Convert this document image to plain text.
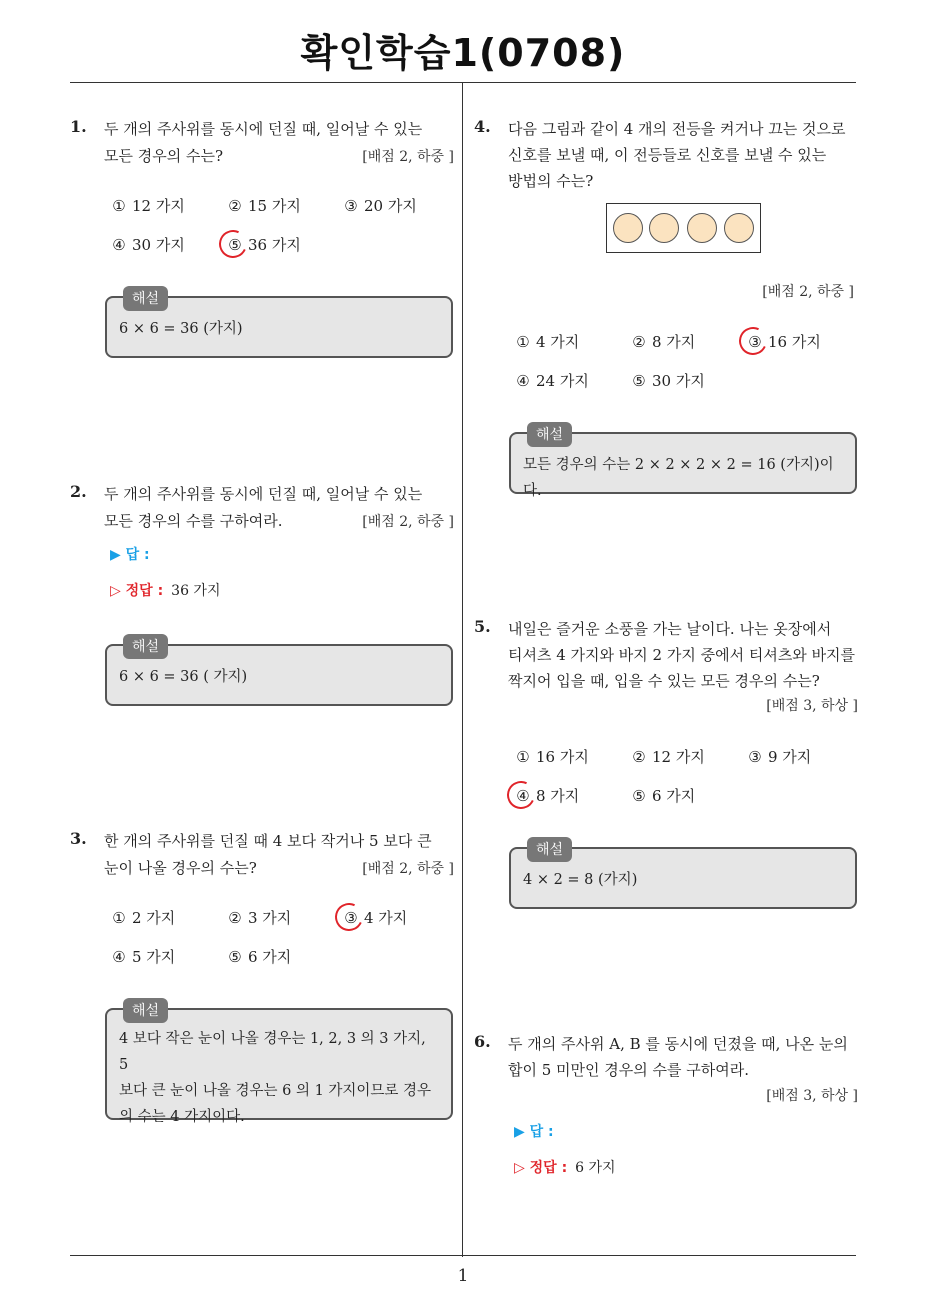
확인학습1(0708)
1
1. 두 개의 주사위를 동시에 던질 때, 일어날 수 있는
모든 경우의 수는?	[배점 2, 하중 ]
① 12 가지	② 15 가지	③ 20 가지
④ 30 가지	⑤ 36 가지
해설
6 × 6 = 36 (가지)
2. 두 개의 주사위를 동시에 던질 때, 일어날 수 있는
모든 경우의 수를 구하여라.	[배점 2, 하중 ]
▶ 답 :
▷ 정답 : 36 가지
해설
6 × 6 = 36 ( 가지)
3. 한 개의 주사위를 던질 때 4 보다 작거나 5 보다 큰
눈이 나올 경우의 수는?	[배점 2, 하중 ]
① 2 가지	② 3 가지	③ 4 가지
④ 5 가지	⑤ 6 가지
해설
4 보다 작은 눈이 나올 경우는 1, 2, 3 의 3 가지, 5
보다 큰 눈이 나올 경우는 6 의 1 가지이므로 경우
의 수는 4 가지이다.
4. 다음 그림과 같이 4 개의 전등을 켜거나 끄는 것으로
신호를 보낼 때, 이 전등들로 신호를 보낼 수 있는
방법의 수는?
[배점 2, 하중 ]
① 4 가지	② 8 가지	③ 16 가지
④ 24 가지	⑤ 30 가지
해설
모든 경우의 수는 2 × 2 × 2 × 2 = 16 (가지)이다.
5. 내일은 즐거운 소풍을 가는 날이다. 나는 옷장에서
티셔츠 4 가지와 바지 2 가지 중에서 티셔츠와 바지를
짝지어 입을 때, 입을 수 있는 모든 경우의 수는?
[배점 3, 하상 ]
① 16 가지	② 12 가지	③ 9 가지
④ 8 가지	⑤ 6 가지
해설
4 × 2 = 8 (가지)
6. 두 개의 주사위 A, B 를 동시에 던졌을 때, 나온 눈의
합이 5 미만인 경우의 수를 구하여라.
[배점 3, 하상 ]
▶ 답 :
▷ 정답 : 6 가지
